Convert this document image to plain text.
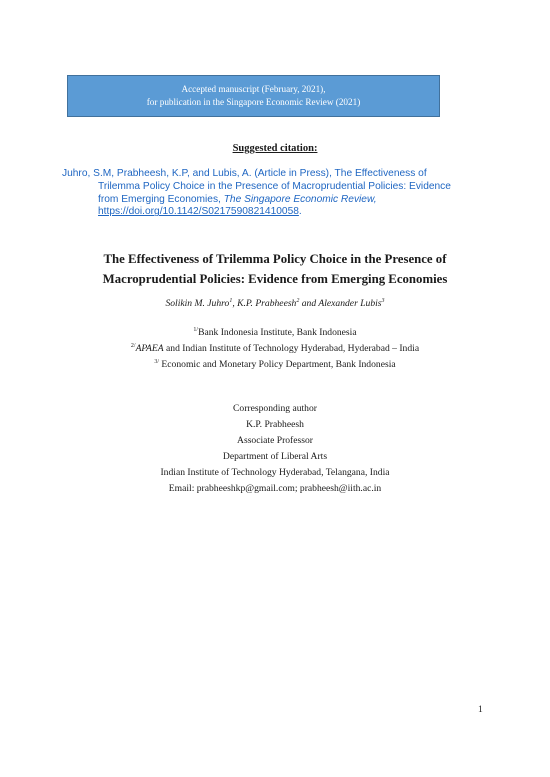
Accepted manuscript (February, 2021),
for publication in the Singapore Economic Review (2021)
Suggested citation:
Juhro, S.M, Prabheesh, K.P, and Lubis, A. (Article in Press), The Effectiveness of
Trilemma Policy Choice in the Presence of Macroprudential Policies: Evidence
from Emerging Economies, The Singapore Economic Review,
https://doi.org/10.1142/S0217590821410058.
The Effectiveness of Trilemma Policy Choice in the Presence of
Macroprudential Policies: Evidence from Emerging Economies
Solikin M. Juhro$^1$, K.P. Prabheesh$^2$ and Alexander Lubis$^3$
$^{1/}$Bank Indonesia Institute, Bank Indonesia
$^{2/}$APAEA and Indian Institute of Technology Hyderabad, Hyderabad – India
$^{3/}$ Economic and Monetary Policy Department, Bank Indonesia
Corresponding author
K.P. Prabheesh
Associate Professor
Department of Liberal Arts
Indian Institute of Technology Hyderabad, Telangana, India
Email: prabheeshkp@gmail.com; prabheesh@iith.ac.in
1
